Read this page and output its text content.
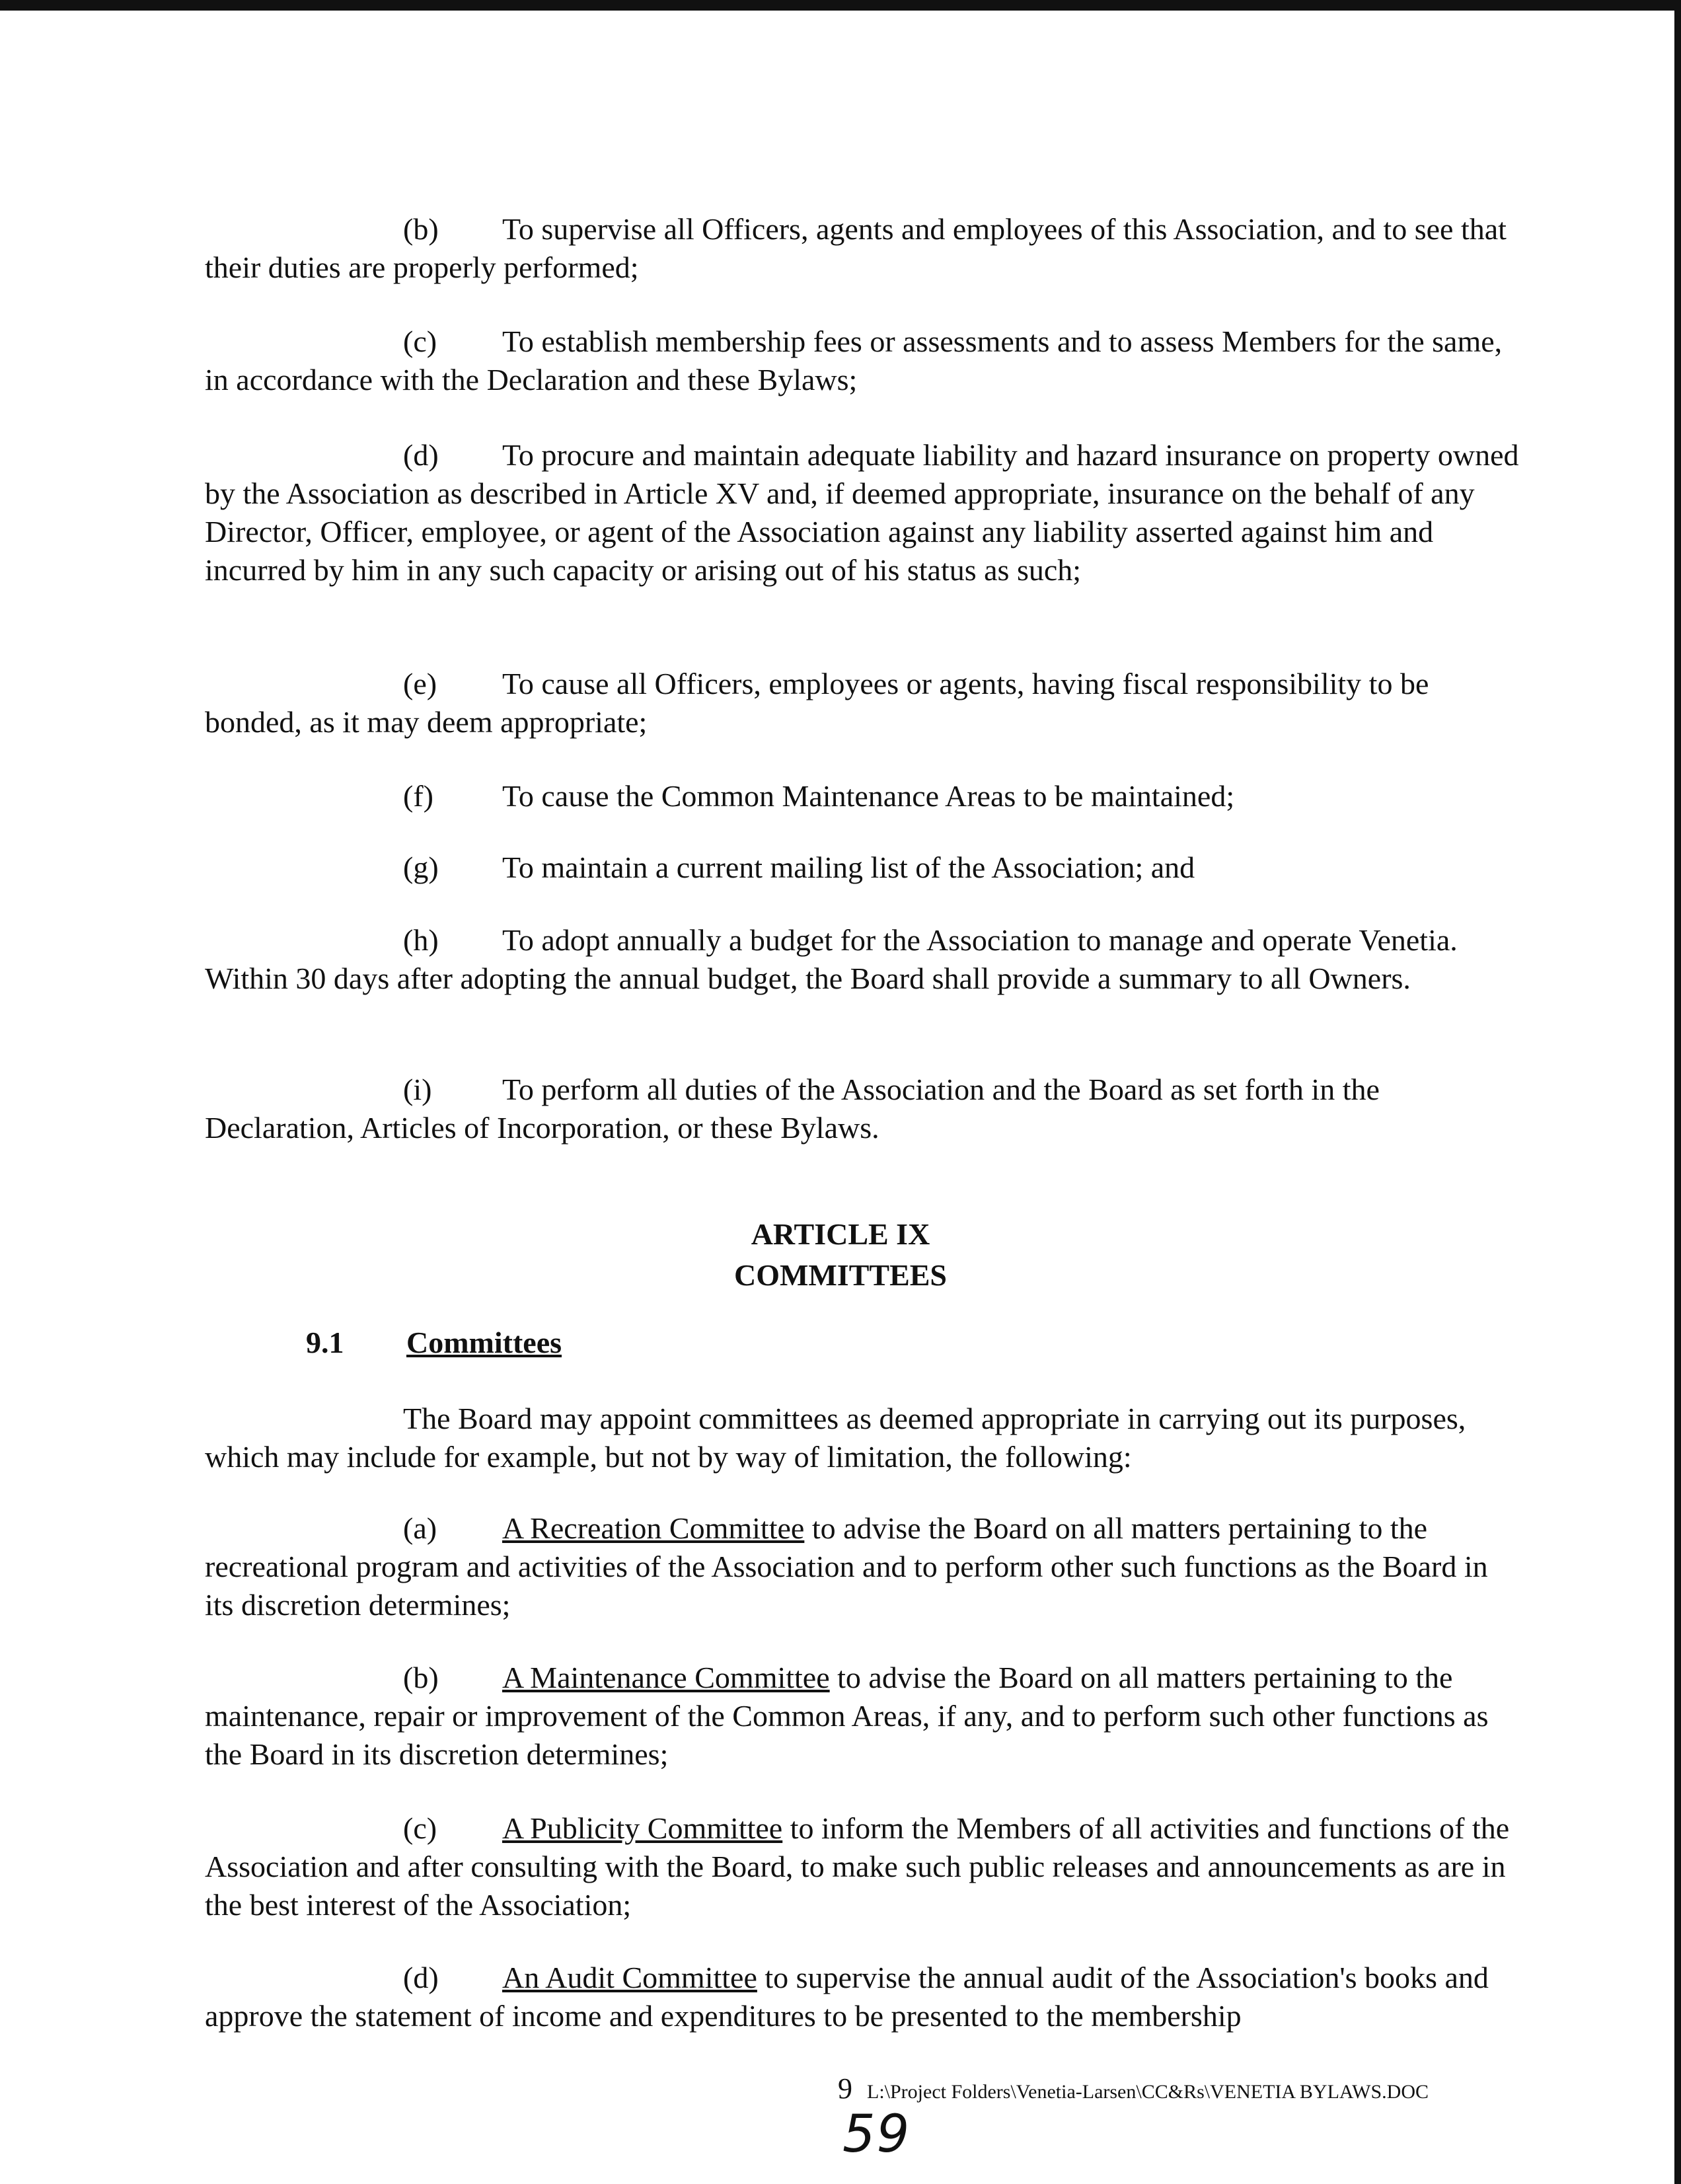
(b) To supervise all Officers, agents and employees of this Association, and to see that their duties are properly performed;

(c) To establish membership fees or assessments and to assess Members for the same, in accordance with the Declaration and these Bylaws;

(d) To procure and maintain adequate liability and hazard insurance on property owned by the Association as described in Article XV and, if deemed appropriate, insurance on the behalf of any Director, Officer, employee, or agent of the Association against any liability asserted against him and incurred by him in any such capacity or arising out of his status as such;

(e) To cause all Officers, employees or agents, having fiscal responsibility to be bonded, as it may deem appropriate;

(f) To cause the Common Maintenance Areas to be maintained;

(g) To maintain a current mailing list of the Association; and

(h) To adopt annually a budget for the Association to manage and operate Venetia. Within 30 days after adopting the annual budget, the Board shall provide a summary to all Owners.

(i) To perform all duties of the Association and the Board as set forth in the Declaration, Articles of Incorporation, or these Bylaws.

ARTICLE IX
COMMITTEES
9.1 Committees

The Board may appoint committees as deemed appropriate in carrying out its purposes, which may include for example, but not by way of limitation, the following:

(a) A Recreation Committee to advise the Board on all matters pertaining to the recreational program and activities of the Association and to perform other such functions as the Board in its discretion determines;

(b) A Maintenance Committee to advise the Board on all matters pertaining to the maintenance, repair or improvement of the Common Areas, if any, and to perform such other functions as the Board in its discretion determines;

(c) A Publicity Committee to inform the Members of all activities and functions of the Association and after consulting with the Board, to make such public releases and announcements as are in the best interest of the Association;

(d) An Audit Committee to supervise the annual audit of the Association's books and approve the statement of income and expenditures to be presented to the membership

9 L:\Project Folders\Venetia-Larsen\CC&Rs\VENETIA BYLAWS.DOC
59
